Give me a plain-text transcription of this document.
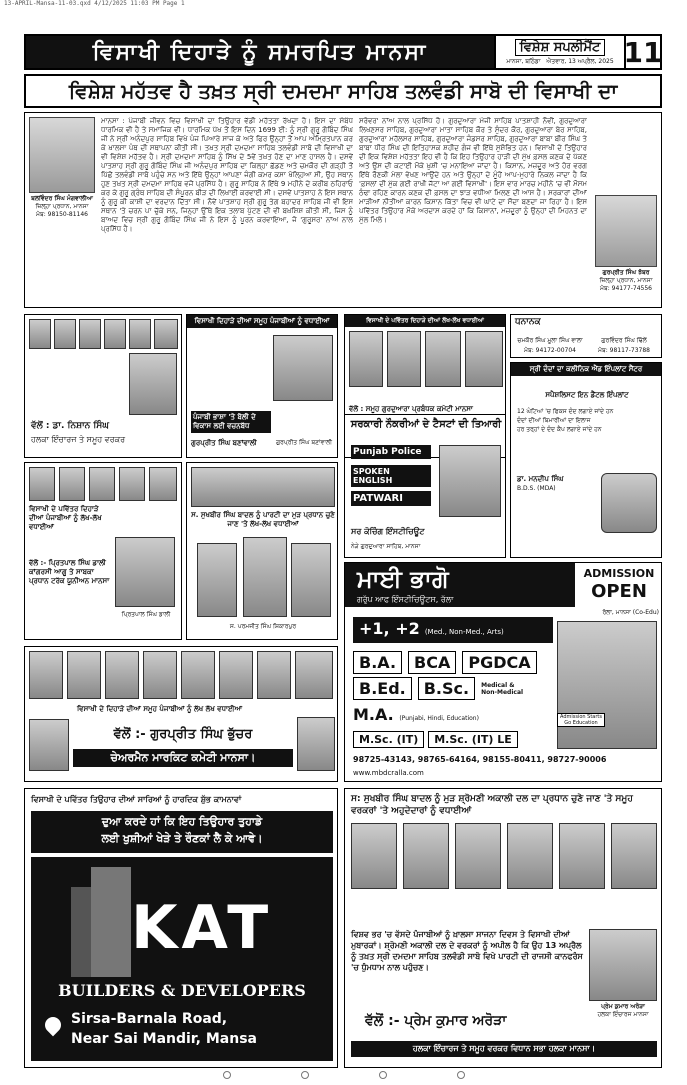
13-APRIL-Mansa-11-03.qxd 4/12/2025 11:03 PM Page 1
ਵਿਸਾਖੀ ਦਿਹਾੜੇ ਨੂੰ ਸਮਰਪਿਤ ਮਾਨਸਾ	ਵਿਸ਼ੇਸ਼ ਸਪਲੀਮੈਂਟ
ਮਾਨਸਾ, ਬਠਿੰਡਾ ਐਤਵਾਰ, 13 ਅਪ੍ਰੈਲ, 2025 11
ਵਿਸ਼ੇਸ਼ ਮਹੱਤਵ ਹੈ ਤਖ਼ਤ ਸ੍ਰੀ ਦਮਦਮਾ ਸਾਹਿਬ ਤਲਵੰਡੀ ਸਾਬੋ ਦੀ ਵਿਸਾਖੀ ਦਾ
ਬਲਵਿੰਦਰ ਸਿੰਘ ਮੰਗਵਾਲੀਆ
ਜ਼ਿਲ੍ਹਾ ਪ੍ਰਧਾਨ, ਮਾਨਸਾ
ਮੋਬ: 98150-81146
ਮਾਨਸਾ : ਪੰਜਾਬੀ ਜੀਵਨ ਵਿਚ ਵਿਸਾਖੀ ਦਾ ਤਿਉਹਾਰ ਵੱਡੀ ਮਹੱਤਤਾ ਰੱਖਦਾ ਹੈ। ਇਸ ਦਾ ਸੰਬੰਧ ਧਾਰਮਿਕ ਵੀ ਹੈ ਤੇ ਸਮਾਜਿਕ ਵੀ। ਧਾਰਮਿਕ ਪੱਖ ਤੋਂ ਇਸ ਦਿਨ 1699 ਈ: ਨੂੰ ਸ੍ਰੀ ਗੁਰੂ ਗੋਬਿੰਦ ਸਿੰਘ ਜੀ ਨੇ ਸ੍ਰੀ ਅਨੰਦਪੁਰ ਸਾਹਿਬ ਵਿਖੇ ਪੰਜ ਪਿਆਰੇ ਸਾਜ ਕੇ ਅਤੇ ਫਿਰ ਉਨ੍ਹਾਂ ਤੋਂ ਆਪ ਅੰਮ੍ਰਿਤਪਾਨ ਕਰ ਕੇ ਖ਼ਾਲਸਾ ਪੰਥ ਦੀ ਸਥਾਪਨਾ ਕੀਤੀ ਸੀ। ਤਖ਼ਤ ਸ੍ਰੀ ਦਮਦਮਾ ਸਾਹਿਬ ਤਲਵੰਡੀ ਸਾਬੋ ਦੀ ਵਿਸਾਖੀ ਦਾ ਵੀ ਵਿਸ਼ੇਸ਼ ਮਹੱਤਵ ਹੈ। ਸ੍ਰੀ ਦਮਦਮਾ ਸਾਹਿਬ ਨੂੰ ਸਿੱਖ ਦੇ 5ਵੇਂ ਤਖ਼ਤ ਹੋਣ ਦਾ ਮਾਣ ਹਾਸਲ ਹੈ। ਦਸਵੇਂ ਪਾਤਸ਼ਾਹ ਸ੍ਰੀ ਗੁਰੂ ਗੋਬਿੰਦ ਸਿੰਘ ਜੀ ਅਨੰਦਪੁਰ ਸਾਹਿਬ ਦਾ ਕਿਲ੍ਹਾ ਛੱਡਣ ਅਤੇ ਚਮਕੌਰ ਦੀ ਗੜ੍ਹੀ ਤੋਂ ਪਿੱਛੋਂ ਤਲਵੰਡੀ ਸਾਬੋ ਪਹੁੰਚੇ ਸਨ ਅਤੇ ਇੱਥੇ ਉਨ੍ਹਾਂ ਆਪਣਾ ਜੰਗੀ ਕਮਰ ਕਸਾ ਖੋਲ੍ਹਿਆ ਸੀ, ਉਹ ਸਥਾਨ ਹੁਣ ਤਖ਼ਤ ਸ੍ਰੀ ਦਮਦਮਾ ਸਾਹਿਬ ਵਜੋਂ ਪ੍ਰਸਿੱਧ ਹੈ। ਗੁਰੂ ਸਾਹਿਬ ਨੇ ਇੱਥੇ 9 ਮਹੀਨੇ ਦੇ ਕਰੀਬ ਠਹਿਰਾਓ ਕਰ ਕੇ ਗੁਰੂ ਗ੍ਰੰਥ ਸਾਹਿਬ ਦੀ ਸੰਪੂਰਨ ਬੀੜ ਦੀ ਲਿਖਾਈ ਕਰਵਾਈ ਸੀ। ਦਸਵੇਂ ਪਾਤਸ਼ਾਹ ਨੇ ਇਸ ਸਥਾਨ ਨੂੰ ਗੁਰੂ ਕੀ ਕਾਸ਼ੀ ਦਾ ਵਰਦਾਨ ਦਿੱਤਾ ਸੀ। ਨੌਵੇਂ ਪਾਤਸ਼ਾਹ ਸ੍ਰੀ ਗੁਰੂ ਤੇਗ ਬਹਾਦਰ ਸਾਹਿਬ ਜੀ ਵੀ ਇਸ ਸਥਾਨ 'ਤੇ ਚਰਨ ਪਾ ਚੁੱਕੇ ਸਨ, ਜਿਨ੍ਹਾਂ ਉੱਥੇ ਇਕ ਤਲਾਬ ਪੁੱਟਣ ਦੀ ਵੀ ਬਖ਼ਸ਼ਿਸ਼ ਕੀਤੀ ਸੀ, ਜਿਸ ਨੂੰ ਬਾਅਦ ਵਿਚ ਸ੍ਰੀ ਗੁਰੂ ਗੋਬਿੰਦ ਸਿੰਘ ਜੀ ਨੇ ਇਸ ਨੂੰ ਪੂਰਨ ਕਰਵਾਇਆ, ਜੋ 'ਗੁਰੂਸਰ' ਨਾਂਅ ਨਾਲ ਪ੍ਰਸਿੱਧ ਹੈ।
ਸਰੋਵਰ' ਨਾਂਅ ਨਾਲ ਪ੍ਰਸਿੱਧ ਹੈ। ਗੁਰਦੁਆਰਾ ਮੰਜੀ ਸਾਹਿਬ ਪਾਤਸ਼ਾਹੀ ਨੌਵੀਂ, ਗੁਰਦੁਆਰਾ ਲਿਖਣਸਰ ਸਾਹਿਬ, ਗੁਰਦੁਆਰਾ ਮਾਤਾ ਸਾਹਿਬ ਕੌਰ ਤੇ ਸੁੰਦਰ ਕੌਰ, ਗੁਰਦੁਆਰਾ ਬੇਰ ਸਾਹਿਬ, ਗੁਰਦੁਆਰਾ ਮਹੱਲਸਰ ਸਾਹਿਬ, ਗੁਰਦੁਆਰਾ ਜੰਡਸਰ ਸਾਹਿਬ, ਗੁਰਦੁਆਰਾ ਬਾਬਾ ਬੀਰ ਸਿੰਘ ਤੇ ਬਾਬਾ ਧੀਰ ਸਿੰਘ ਦੀ ਇਤਿਹਾਸਕ ਸ਼ਹੀਦ ਗੰਜ ਵੀ ਇੱਥੇ ਸੁਸ਼ੋਭਿਤ ਹਨ। ਵਿਸਾਖੀ ਦੇ ਤਿਉਹਾਰ ਦੀ ਇਕ ਵਿਸ਼ੇਸ਼ ਮਹੱਤਤਾ ਇਹ ਵੀ ਹੈ ਕਿ ਇਹ ਤਿਉਹਾਰ ਹਾੜੀ ਦੀ ਮੁੱਖ ਫ਼ਸਲ ਕਣਕ ਦੇ ਪੱਕਣ ਅਤੇ ਉਸ ਦੀ ਕਟਾਈ ਮੌਕੇ ਖ਼ੁਸ਼ੀ 'ਚ ਮਨਾਇਆ ਜਾਂਦਾ ਹੈ। ਕਿਸਾਨ, ਮਜ਼ਦੂਰ ਅਤੇ ਹੋਰ ਵਰਗ ਇੱਥੇ ਰੌਣਕੀ ਮੇਲਾ ਵੇਖਣ ਆਉਂਦੇ ਹਨ ਅਤੇ ਉਨ੍ਹਾਂ ਦੇ ਮੂੰਹੋਂ ਆਪ-ਮੁਹਾਰੇ ਨਿਕਲ ਜਾਂਦਾ ਹੈ ਕਿ 'ਫ਼ਸਲਾਂ ਦੀ ਮੁੱਕ ਗਈ ਰਾਖੀ ਜੱਟਾ ਆ ਗਈ ਵਿਸਾਖੀ'। ਇਸ ਵਾਰ ਮਾਰਚ ਮਹੀਨੇ 'ਚ ਵੀ ਮੌਸਮ ਠੰਢਾ ਰਹਿਣ ਕਾਰਨ ਕਣਕ ਦੀ ਫ਼ਸਲ ਦਾ ਝਾੜ ਵਧੀਆ ਮਿਲਣ ਦੀ ਆਸ ਹੈ। ਸਰਕਾਰਾਂ ਦੀਆਂ ਮਾੜੀਆਂ ਨੀਤੀਆਂ ਕਾਰਨ ਕਿਸਾਨ ਕਿੱਤਾ ਵਿਚ ਵੀ ਘਾਟੇ ਦਾ ਸੌਦਾ ਬਣਦਾ ਜਾ ਰਿਹਾ ਹੈ। ਇਸ ਪਵਿੱਤਰ ਤਿਉਹਾਰ ਮੌਕੇ ਅਰਦਾਸ ਕਰਦੇ ਹਾਂ ਕਿ ਕਿਸਾਨਾਂ, ਮਜ਼ਦੂਰਾਂ ਨੂੰ ਉਨ੍ਹਾਂ ਦੀ ਮਿਹਨਤ ਦਾ ਮੁੱਲ ਮਿਲੇ।
ਗੁਰਪ੍ਰੀਤ ਸਿੰਘ ਝੱਬਰ
ਜ਼ਿਲ੍ਹਾ ਪ੍ਰਧਾਨ, ਮਾਨਸਾ
ਮੋਬ: 94177-74556
ਵੱਲੋਂ : ਡਾ. ਨਿਸ਼ਾਨ ਸਿੰਘ
ਹਲਕਾ ਇੰਚਾਰਜ ਤੇ ਸਮੂਹ ਵਰਕਰ
ਵਿਸਾਖੀ ਦਿਹਾੜੇ ਦੀਆਂ ਸਮੂਹ ਪੰਜਾਬੀਆਂ ਨੂੰ ਵਧਾਈਆਂ
ਪੰਜਾਬੀ ਭਾਸ਼ਾ 'ਤੇ ਬੋਲੀ ਦੇ ਵਿਕਾਸ ਲਈ ਵਚਨਬੱਧ
ਗੁਰਪ੍ਰੀਤ ਸਿੰਘ ਬਣਾਂਵਾਲੀ	ਗੁਰਪ੍ਰੀਤ ਸਿੰਘ ਬਣਾਂਵਾਲੀ
ਵਿਸਾਖੀ ਦੇ ਪਵਿੱਤਰ ਦਿਹਾੜੇ ਦੀਆਂ ਲੱਖ-ਲੱਖ ਵਧਾਈਆਂ
ਵੱਲੋਂ : ਸਮੂਹ ਗੁਰਦੁਆਰਾ ਪ੍ਰਬੰਧਕ ਕਮੇਟੀ ਮਾਨਸਾ
ਧਨਾਨਕ
ਚਮਕੌਰ ਸਿੰਘ ਮੂਲਾ ਸਿੰਘ ਵਾਲਾ	ਗੁਰਵਿੰਦਰ ਸਿੰਘ ਢਿੱਲੋਂ
ਮੋਬ: 94172-00704	ਮੋਬ: 98117-73788
ਵਿਸਾਖੀ ਦੇ ਪਵਿੱਤਰ ਦਿਹਾੜੇ ਦੀਆਂ ਪੰਜਾਬੀਆਂ ਨੂੰ ਲੱਖ-ਲੱਖ ਵਧਾਈਆਂ
ਵੱਲੋਂ :- ਪ੍ਰਿਤਪਾਲ ਸਿੰਘ ਡਾਲੀ ਕਾਂਗਰਸੀ ਆਗੂ ਤੇ ਸਾਬਕਾ ਪ੍ਰਧਾਨ ਟਰੱਕ ਯੂਨੀਅਨ ਮਾਨਸਾ
ਪ੍ਰਿਤਪਾਲ ਸਿੰਘ ਡਾਲੀ
ਸ. ਸੁਖਬੀਰ ਸਿੰਘ ਬਾਦਲ ਨੂੰ ਪਾਰਟੀ ਦਾ ਮੁੜ ਪ੍ਰਧਾਨ ਚੁਣੇ ਜਾਣ 'ਤੇ ਲੱਖ-ਲੱਖ ਵਧਾਈਆਂ
ਸ. ਪਰਮਜੀਤ ਸਿੰਘ ਸ਼ਿਕਾਰਪੁਰ
ਸਰਕਾਰੀ ਨੌਕਰੀਆਂ ਦੇ ਟੈਸਟਾਂ ਦੀ ਤਿਆਰੀ
Punjab Police
SPOKEN ENGLISH
PATWARI
ਸਰ ਕੋਚਿੰਗ ਇੰਸਟੀਚਿਊਟ
ਨੇੜੇ ਗੁਰਦੁਆਰਾ ਸਾਹਿਬ, ਮਾਨਸਾ
ਸ੍ਰੀ ਦੰਦਾਂ ਦਾ ਕਲੀਨਿਕ ਐਂਡ ਇੰਪਲਾਂਟ ਸੈਂਟਰ
ਸਪੈਸ਼ਲਿਸਟ ਇਨ ਡੈਂਟਲ ਇੰਪਲਾਂਟ
12 ਘੰਟਿਆਂ 'ਚ ਫਿਕਸ ਦੰਦ ਲਗਾਏ ਜਾਂਦੇ ਹਨ
ਦੰਦਾਂ ਦੀਆਂ ਬਿਮਾਰੀਆਂ ਦਾ ਇਲਾਜ
ਹਰ ਤਰ੍ਹਾਂ ਦੇ ਦੰਦ ਕੈਪ ਲਗਾਏ ਜਾਂਦੇ ਹਨ
ਡਾ. ਮਨਦੀਪ ਸਿੰਘ
B.D.S. (MDA)
ਮਾਈ ਭਾਗੋ
ਗਰੁੱਪ ਆਫ ਇੰਸਟੀਚਿਊਟਸ, ਰੱਲਾ
ADMISSION
OPEN
ਰੱਲਾ, ਮਾਨਸਾ (Co-Edu)
+1, +2 (Med., Non-Med., Arts)
B.A.	BCA	PGDCA
B.Ed.	B.Sc.	Medical & Non-Medical
M.A. (Punjabi, Hindi, Education)
M.Sc. (IT)	M.Sc. (IT) LE
Admission Starts Go Education
98725-43143, 98765-64164, 98155-80411, 98727-90006
www.mbdcralla.com
ਵਿਸਾਖੀ ਦੇ ਦਿਹਾੜੇ ਦੀਆਂ ਸਮੂਹ ਪੰਜਾਬੀਆਂ ਨੂੰ ਲੱਖ ਲੱਖ ਵਧਾਈਆਂ
ਵੱਲੋਂ :- ਗੁਰਪ੍ਰੀਤ ਸਿੰਘ ਭੁੱਚਰ
ਚੇਅਰਮੈਨ ਮਾਰਕਿਟ ਕਮੇਟੀ ਮਾਨਸਾ।
ਵਿਸਾਖੀ ਦੇ ਪਵਿੱਤਰ ਤਿਉਹਾਰ ਦੀਆਂ ਸਾਰਿਆਂ ਨੂੰ ਹਾਰਦਿਕ ਸ਼ੁੱਭ ਕਾਮਨਾਵਾਂ
ਦੁਆ ਕਰਦੇ ਹਾਂ ਕਿ ਇਹ ਤਿਉਹਾਰ ਤੁਹਾਡੇ
ਲਈ ਖੁਸ਼ੀਆਂ ਖੇੜੇ ਤੇ ਰੌਣਕਾਂ ਲੈ ਕੇ ਆਵੇ।
KAT
BUILDERS & DEVELOPERS
Sirsa-Barnala Road,
Near Sai Mandir, Mansa
ਸ: ਸੁਖਬੀਰ ਸਿੰਘ ਬਾਦਲ ਨੂੰ ਮੁੜ ਸ਼੍ਰੋਮਣੀ ਅਕਾਲੀ ਦਲ ਦਾ ਪ੍ਰਧਾਨ ਚੁਣੇ ਜਾਣ 'ਤੇ ਸਮੂਹ ਵਰਕਰਾਂ 'ਤੇ ਅਹੁਦੇਦਾਰਾਂ ਨੂੰ ਵਧਾਈਆਂ
ਵਿਸ਼ਵ ਭਰ 'ਚ ਵੱਸਦੇ ਪੰਜਾਬੀਆਂ ਨੂੰ ਖ਼ਾਲਸਾ ਸਾਜਨਾ ਦਿਵਸ ਤੇ ਵਿਸਾਖੀ ਦੀਆਂ ਮੁਬਾਰਕਾਂ। ਸ਼੍ਰੋਮਣੀ ਅਕਾਲੀ ਦਲ ਦੇ ਵਰਕਰਾਂ ਨੂੰ ਅਪੀਲ ਹੈ ਕਿ ਉਹ 13 ਅਪ੍ਰੈਲ ਨੂੰ ਤਖ਼ਤ ਸ੍ਰੀ ਦਮਦਮਾ ਸਾਹਿਬ ਤਲਵੰਡੀ ਸਾਬੋ ਵਿਖੇ ਪਾਰਟੀ ਦੀ ਰਾਜਸੀ ਕਾਨਫਰੰਸ 'ਚ ਧੁੰਮਧਾਮ ਨਾਲ ਪਹੁੰਚਣ।
ਪ੍ਰੇਮ ਕੁਮਾਰ ਅਰੋੜਾ
ਹਲਕਾ ਇੰਚਾਰਜ ਮਾਨਸਾ
ਵੱਲੋਂ :- ਪ੍ਰੇਮ ਕੁਮਾਰ ਅਰੋੜਾ
ਹਲਕਾ ਇੰਚਾਰਜ ਤੇ ਸਮੂਹ ਵਰਕਰ ਵਿਧਾਨ ਸਭਾ ਹਲਕਾ ਮਾਨਸਾ।
